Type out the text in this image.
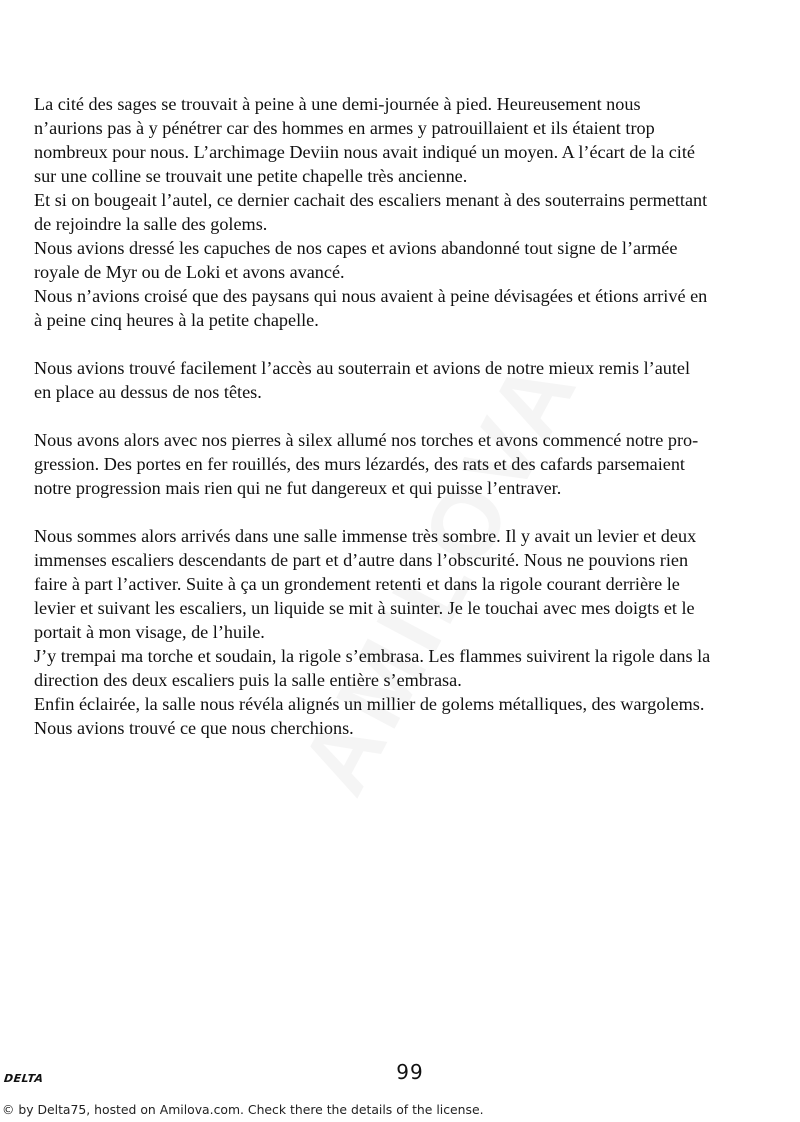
La cité des sages se trouvait à peine à une demi-journée à pied. Heureusement nous
n’aurions pas à y pénétrer car des hommes en armes y patrouillaient et ils étaient trop
nombreux pour nous. L’archimage Deviin nous avait indiqué un moyen. A l’écart de la cité
sur une colline se trouvait une petite chapelle très ancienne.
Et si on bougeait l’autel, ce dernier cachait des escaliers menant à des souterrains permettant
de rejoindre la salle des golems.
Nous avions dressé les capuches de nos capes et avions abandonné tout signe de l’armée
royale de Myr ou de Loki et avons avancé.
Nous n’avions croisé que des paysans qui nous avaient à peine dévisagées et étions arrivé en
à peine cinq heures à la petite chapelle.

Nous avions trouvé facilement l’accès au souterrain et avions de notre mieux remis l’autel
en place au dessus de nos têtes.

Nous avons alors avec nos pierres à silex allumé nos torches et avons commencé notre pro-
gression. Des portes en fer rouillés, des murs lézardés, des rats et des cafards parsemaient
notre progression mais rien qui ne fut dangereux et qui puisse l’entraver.

Nous sommes alors arrivés dans une salle immense très sombre. Il y avait un levier et deux
immenses escaliers descendants de part et d’autre dans l’obscurité. Nous ne pouvions rien
faire à part l’activer. Suite à ça un grondement retenti et dans la rigole courant derrière le
levier et suivant les escaliers, un liquide se mit à suinter. Je le touchai avec mes doigts et le
portait à mon visage, de l’huile.
J’y trempai ma torche et soudain, la rigole s’embrasa. Les flammes suivirent la rigole dans la
direction des deux escaliers puis la salle entière s’embrasa.
Enfin éclairée, la salle nous révéla alignés un millier de golems métalliques, des wargolems.
Nous avions trouvé ce que nous cherchions.

DELTA	99
© by Delta75, hosted on Amilova.com. Check there the details of the license.
